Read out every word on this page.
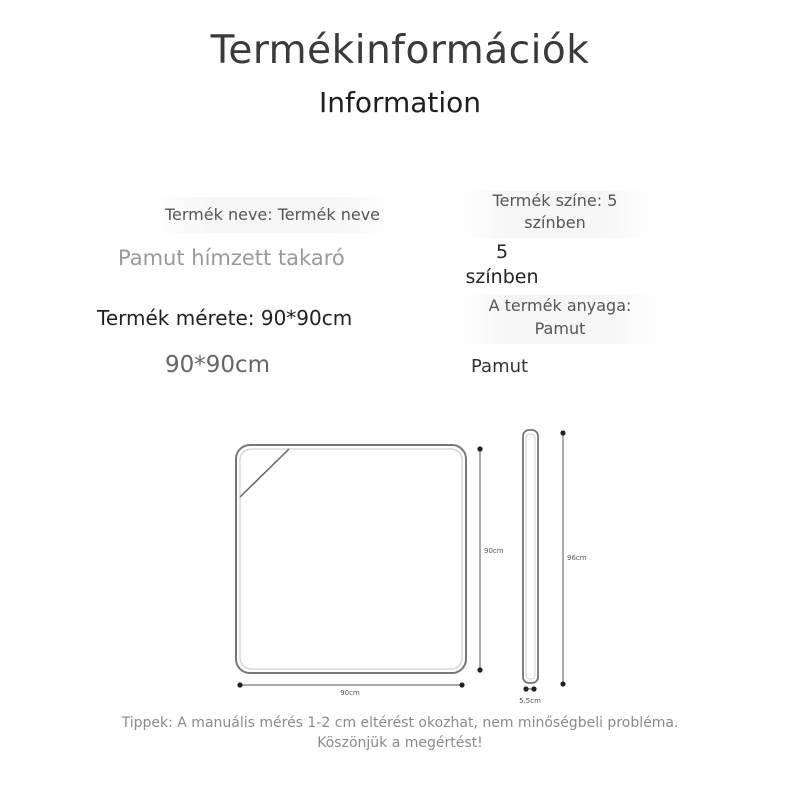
Termékinformációk
Information
Termék neve: Termék neve
Pamut hímzett takaró
Termék mérete: 90*90cm
90*90cm
Termék színe: 5
színben
5
színben
A termék anyaga:
Pamut
Pamut
90cm
90cm
96cm
5.5cm
Tippek: A manuális mérés 1-2 cm eltérést okozhat, nem minőségbeli probléma.
Köszönjük a megértést!
